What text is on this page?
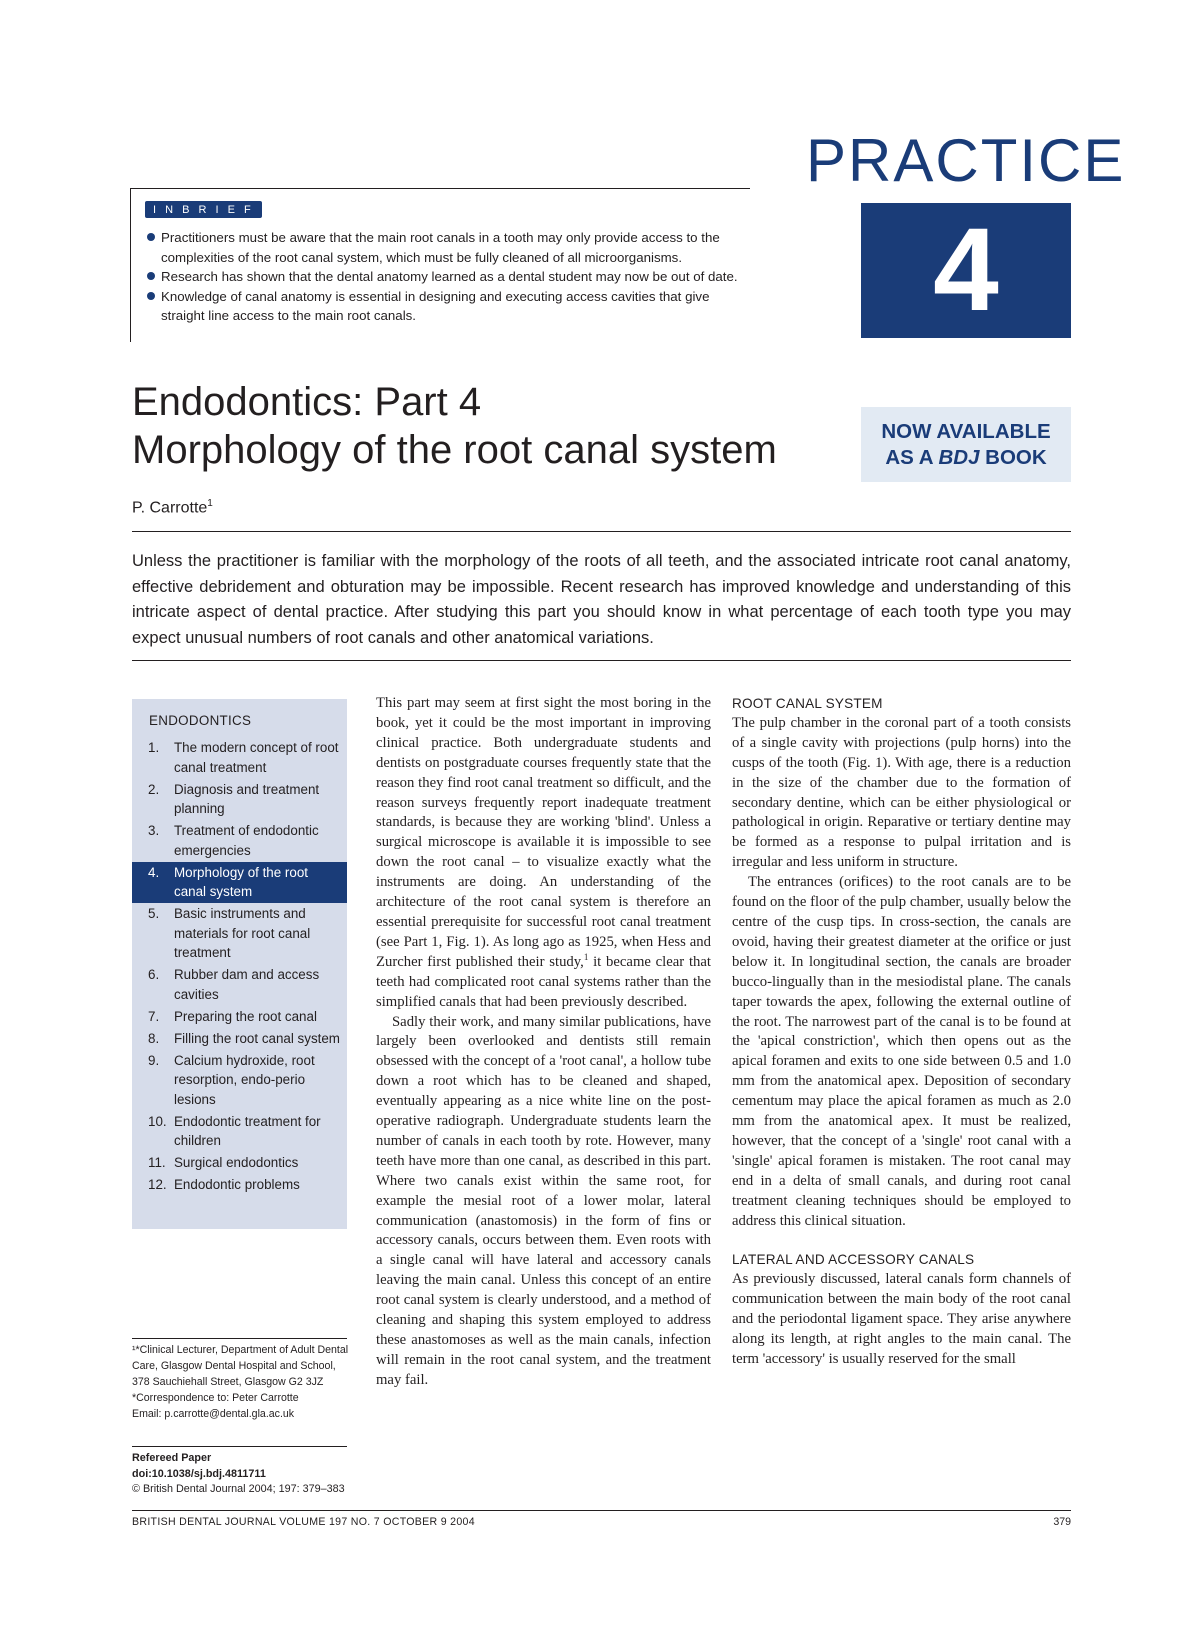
PRACTICE
4
I N B R I E F
Practitioners must be aware that the main root canals in a tooth may only provide access to the complexities of the root canal system, which must be fully cleaned of all microorganisms.
Research has shown that the dental anatomy learned as a dental student may now be out of date.
Knowledge of canal anatomy is essential in designing and executing access cavities that give straight line access to the main root canals.
Endodontics: Part 4
Morphology of the root canal system
P. Carrotte$^1$
NOW AVAILABLE
AS A BDJ BOOK
Unless the practitioner is familiar with the morphology of the roots of all teeth, and the associated intricate root canal anatomy, effective debridement and obturation may be impossible. Recent research has improved knowledge and understanding of this intricate aspect of dental practice. After studying this part you should know in what percentage of each tooth type you may expect unusual numbers of root canals and other anatomical variations.
ENDODONTICS
1. The modern concept of root canal treatment
2. Diagnosis and treatment planning
3. Treatment of endodontic emergencies
4. Morphology of the root canal system
5. Basic instruments and materials for root canal treatment
6. Rubber dam and access cavities
7. Preparing the root canal
8. Filling the root canal system
9. Calcium hydroxide, root resorption, endo-perio lesions
10. Endodontic treatment for children
11. Surgical endodontics
12. Endodontic problems
¹*Clinical Lecturer, Department of Adult Dental Care, Glasgow Dental Hospital and School, 378 Sauchiehall Street, Glasgow G2 3JZ
*Correspondence to: Peter Carrotte
Email: p.carrotte@dental.gla.ac.uk
Refereed Paper
doi:10.1038/sj.bdj.4811711
© British Dental Journal 2004; 197: 379–383

This part may seem at first sight the most boring in the book, yet it could be the most important in improving clinical practice. Both undergraduate students and dentists on postgraduate courses frequently state that the reason they find root canal treatment so difficult, and the reason surveys frequently report inadequate treatment standards, is because they are working 'blind'. Unless a surgical microscope is available it is impossible to see down the root canal – to visualize exactly what the instruments are doing. An understanding of the architecture of the root canal system is therefore an essential prerequisite for successful root canal treatment (see Part 1, Fig. 1). As long ago as 1925, when Hess and Zurcher first published their study,$^1$ it became clear that teeth had complicated root canal systems rather than the simplified canals that had been previously described.

Sadly their work, and many similar publications, have largely been overlooked and dentists still remain obsessed with the concept of a 'root canal', a hollow tube down a root which has to be cleaned and shaped, eventually appearing as a nice white line on the post-operative radiograph. Undergraduate students learn the number of canals in each tooth by rote. However, many teeth have more than one canal, as described in this part. Where two canals exist within the same root, for example the mesial root of a lower molar, lateral communication (anastomosis) in the form of fins or accessory canals, occurs between them. Even roots with a single canal will have lateral and accessory canals leaving the main canal. Unless this concept of an entire root canal system is clearly understood, and a method of cleaning and shaping this system employed to address these anastomoses as well as the main canals, infection will remain in the root canal system, and the treatment may fail.

ROOT CANAL SYSTEM

The pulp chamber in the coronal part of a tooth consists of a single cavity with projections (pulp horns) into the cusps of the tooth (Fig. 1). With age, there is a reduction in the size of the chamber due to the formation of secondary dentine, which can be either physiological or pathological in origin. Reparative or tertiary dentine may be formed as a response to pulpal irritation and is irregular and less uniform in structure.

The entrances (orifices) to the root canals are to be found on the floor of the pulp chamber, usually below the centre of the cusp tips. In cross-section, the canals are ovoid, having their greatest diameter at the orifice or just below it. In longitudinal section, the canals are broader bucco-lingually than in the mesiodistal plane. The canals taper towards the apex, following the external outline of the root. The narrowest part of the canal is to be found at the 'apical constriction', which then opens out as the apical foramen and exits to one side between 0.5 and 1.0 mm from the anatomical apex. Deposition of secondary cementum may place the apical foramen as much as 2.0 mm from the anatomical apex. It must be realized, however, that the concept of a 'single' root canal with a 'single' apical foramen is mistaken. The root canal may end in a delta of small canals, and during root canal treatment cleaning techniques should be employed to address this clinical situation.

LATERAL AND ACCESSORY CANALS

As previously discussed, lateral canals form channels of communication between the main body of the root canal and the periodontal ligament space. They arise anywhere along its length, at right angles to the main canal. The term 'accessory' is usually reserved for the small

BRITISH DENTAL JOURNAL VOLUME 197 NO. 7 OCTOBER 9 2004	379
